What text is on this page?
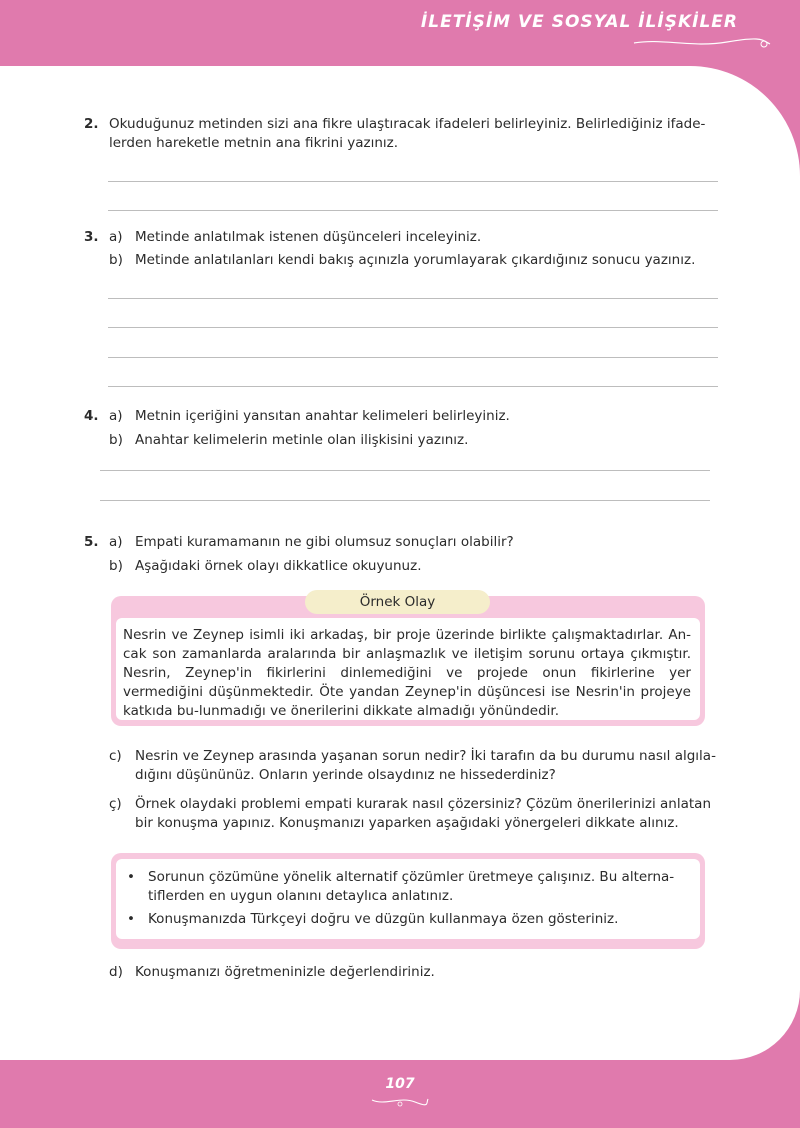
İLETİŞİM VE SOSYAL İLİŞKİLER
2. Okuduğunuz metinden sizi ana fikre ulaştıracak ifadeleri belirleyiniz. Belirlediğiniz ifade-
lerden hareketle metnin ana fikrini yazınız.
3. a) Metinde anlatılmak istenen düşünceleri inceleyiniz.
b) Metinde anlatılanları kendi bakış açınızla yorumlayarak çıkardığınız sonucu yazınız.
4. a) Metnin içeriğini yansıtan anahtar kelimeleri belirleyiniz.
b) Anahtar kelimelerin metinle olan ilişkisini yazınız.
5. a) Empati kuramamanın ne gibi olumsuz sonuçları olabilir?
b) Aşağıdaki örnek olayı dikkatlice okuyunuz.
Örnek Olay
Nesrin ve Zeynep isimli iki arkadaş, bir proje üzerinde birlikte çalışmaktadırlar. An-cak son zamanlarda aralarında bir anlaşmazlık ve iletişim sorunu ortaya çıkmıştır. Nesrin, Zeynep'in fikirlerini dinlemediğini ve projede onun fikirlerine yer vermediğini düşünmektedir. Öte yandan Zeynep'in düşüncesi ise Nesrin'in projeye katkıda bu-lunmadığı ve önerilerini dikkate almadığı yönündedir.
c) Nesrin ve Zeynep arasında yaşanan sorun nedir? İki tarafın da bu durumu nasıl algıla-
dığını düşününüz. Onların yerinde olsaydınız ne hissederdiniz?
ç) Örnek olaydaki problemi empati kurarak nasıl çözersiniz? Çözüm önerilerinizi anlatan
bir konuşma yapınız. Konuşmanızı yaparken aşağıdaki yönergeleri dikkate alınız.
• Sorunun çözümüne yönelik alternatif çözümler üretmeye çalışınız. Bu alterna-
tiflerden en uygun olanını detaylıca anlatınız.
• Konuşmanızda Türkçeyi doğru ve düzgün kullanmaya özen gösteriniz.
d) Konuşmanızı öğretmeninizle değerlendiriniz.
107
